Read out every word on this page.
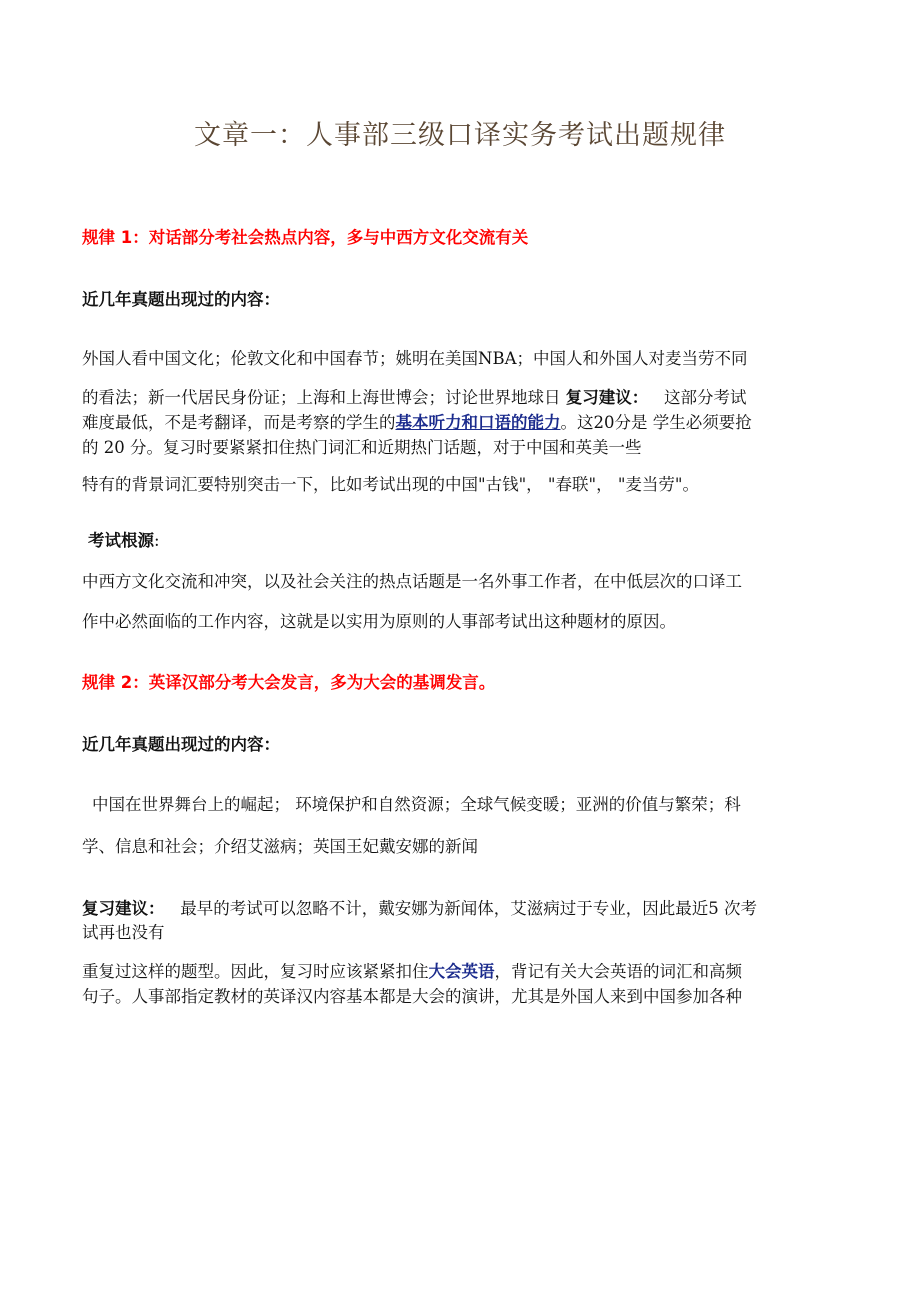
文章一：人事部三级口译实务考试出题规律
规律 1：对话部分考社会热点内容，多与中西方文化交流有关
近几年真题出现过的内容：
外国人看中国文化；伦敦文化和中国春节；姚明在美国NBA；中国人和外国人对麦当劳不同
的看法；新一代居民身份证；上海和上海世博会；讨论世界地球日 复习建议： 这部分考试
难度最低，不是考翻译，而是考察的学生的基本听力和口语的能力。这20分是 学生必须要抢
的 20 分。复习时要紧紧扣住热门词汇和近期热门话题，对于中国和英美一些
特有的背景词汇要特别突击一下，比如考试出现的中国"古钱"， "春联"， "麦当劳"。
考试根源:
中西方文化交流和冲突，以及社会关注的热点话题是一名外事工作者，在中低层次的口译工
作中必然面临的工作内容，这就是以实用为原则的人事部考试出这种题材的原因。
规律 2：英译汉部分考大会发言，多为大会的基调发言。
近几年真题出现过的内容：
中国在世界舞台上的崛起； 环境保护和自然资源；全球气候变暖；亚洲的价值与繁荣；科
学、信息和社会；介绍艾滋病；英国王妃戴安娜的新闻
复习建议： 最早的考试可以忽略不计，戴安娜为新闻体，艾滋病过于专业，因此最近5 次考
试再也没有
重复过这样的题型。因此，复习时应该紧紧扣住大会英语，背记有关大会英语的词汇和高频
句子。人事部指定教材的英译汉内容基本都是大会的演讲，尤其是外国人来到中国参加各种
